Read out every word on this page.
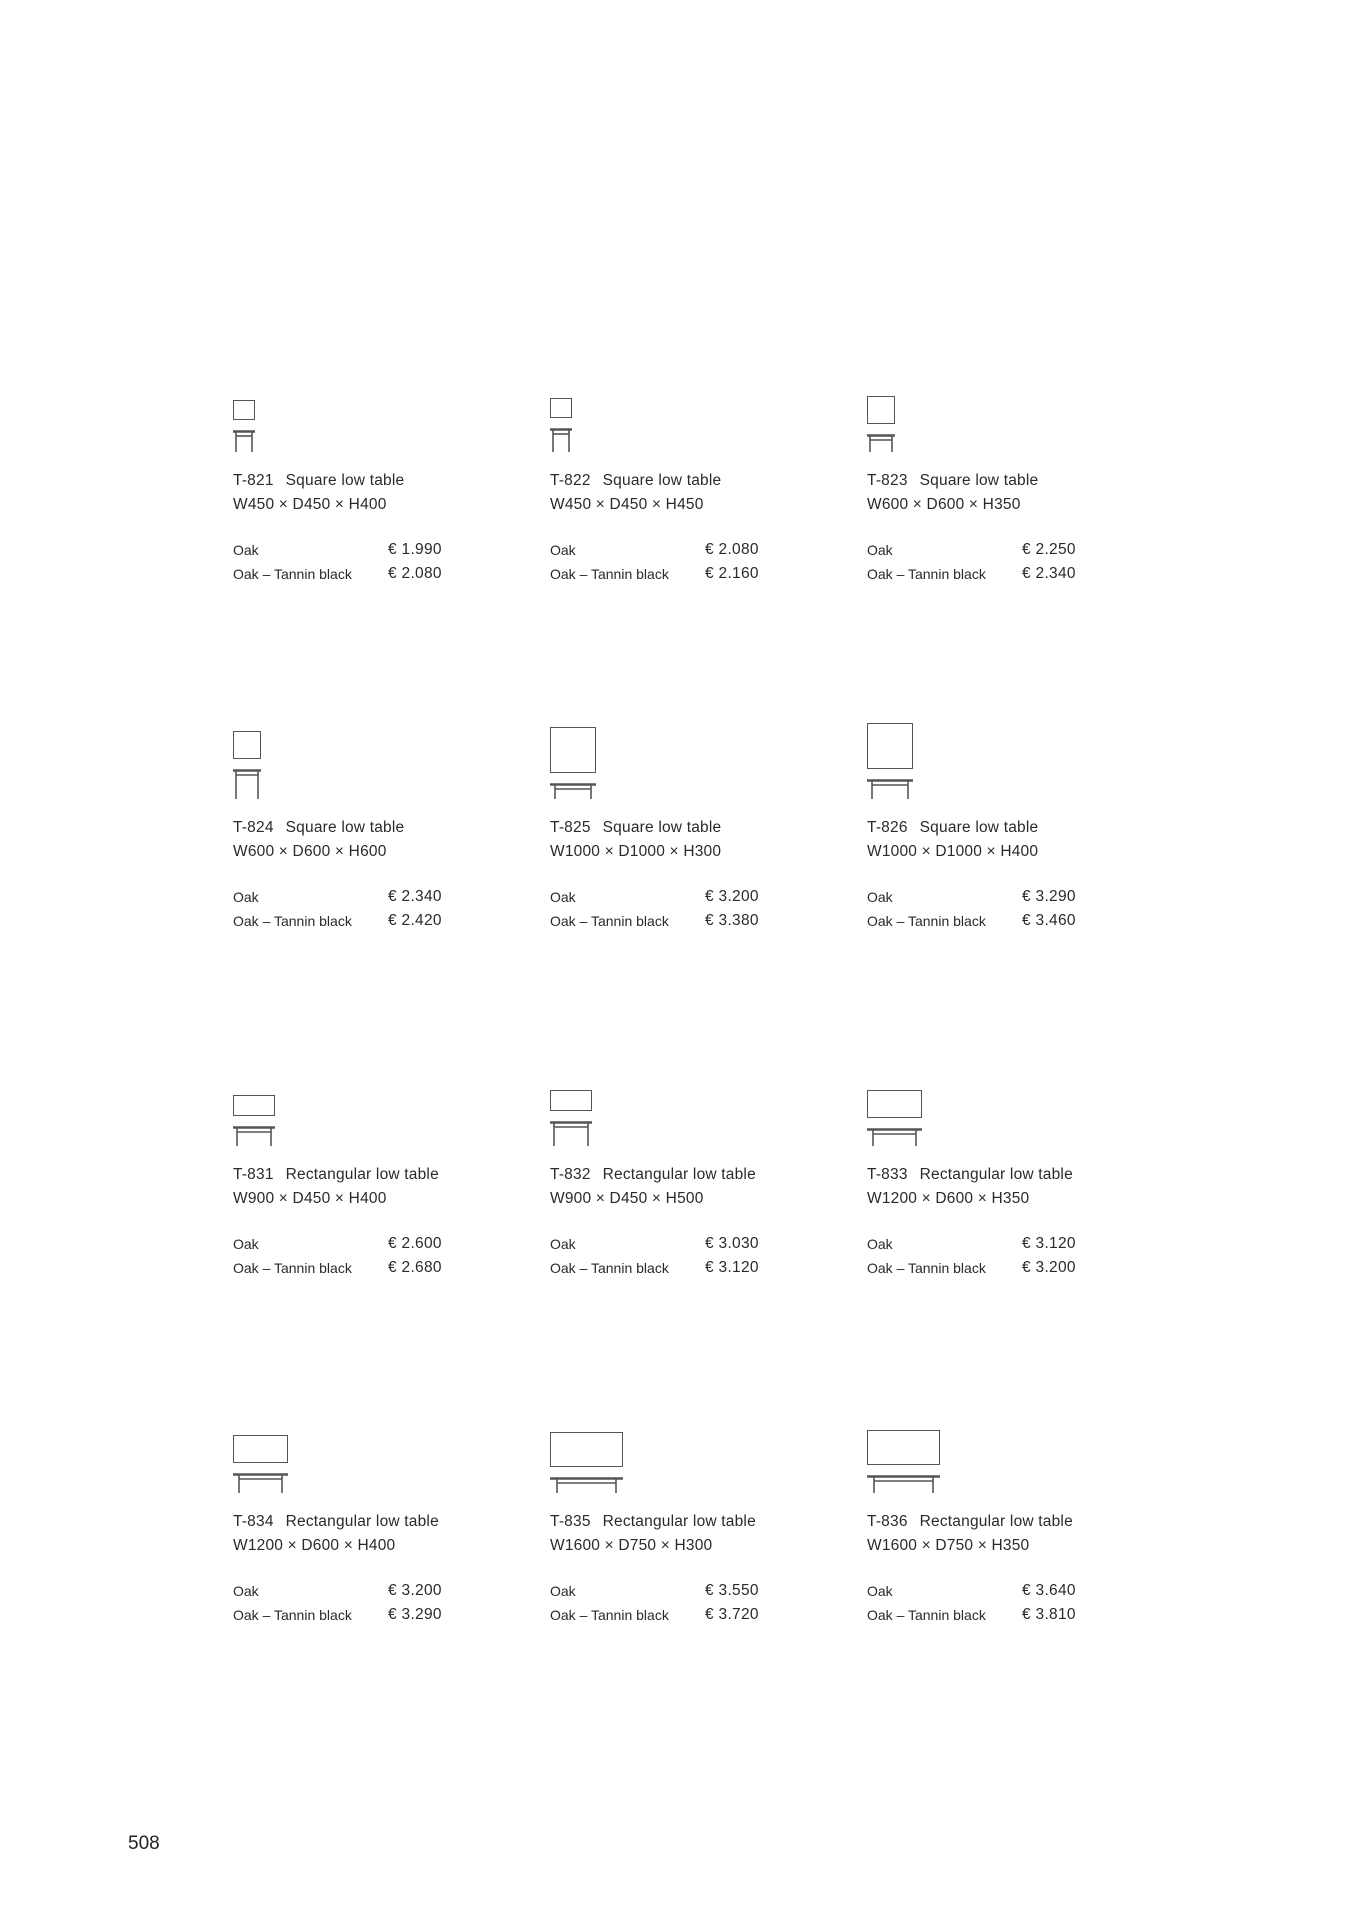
T-821 Square low table
W450 × D450 × H400
Oak	€ 1.990
Oak – Tannin black € 2.080
T-822 Square low table
W450 × D450 × H450
Oak	€ 2.080
Oak – Tannin black € 2.160
T-823 Square low table
W600 × D600 × H350
Oak	€ 2.250
Oak – Tannin black € 2.340
T-824 Square low table
W600 × D600 × H600
Oak	€ 2.340
Oak – Tannin black € 2.420
T-825 Square low table
W1000 × D1000 × H300
Oak	€ 3.200
Oak – Tannin black € 3.380
T-826 Square low table
W1000 × D1000 × H400
Oak	€ 3.290
Oak – Tannin black € 3.460
T-831 Rectangular low table
W900 × D450 × H400
Oak	€ 2.600
Oak – Tannin black € 2.680
T-832 Rectangular low table
W900 × D450 × H500
Oak	€ 3.030
Oak – Tannin black € 3.120
T-833 Rectangular low table
W1200 × D600 × H350
Oak	€ 3.120
Oak – Tannin black € 3.200
T-834 Rectangular low table
W1200 × D600 × H400
Oak	€ 3.200
Oak – Tannin black € 3.290
T-835 Rectangular low table
W1600 × D750 × H300
Oak	€ 3.550
Oak – Tannin black € 3.720
T-836 Rectangular low table
W1600 × D750 × H350
Oak	€ 3.640
Oak – Tannin black € 3.810
508
